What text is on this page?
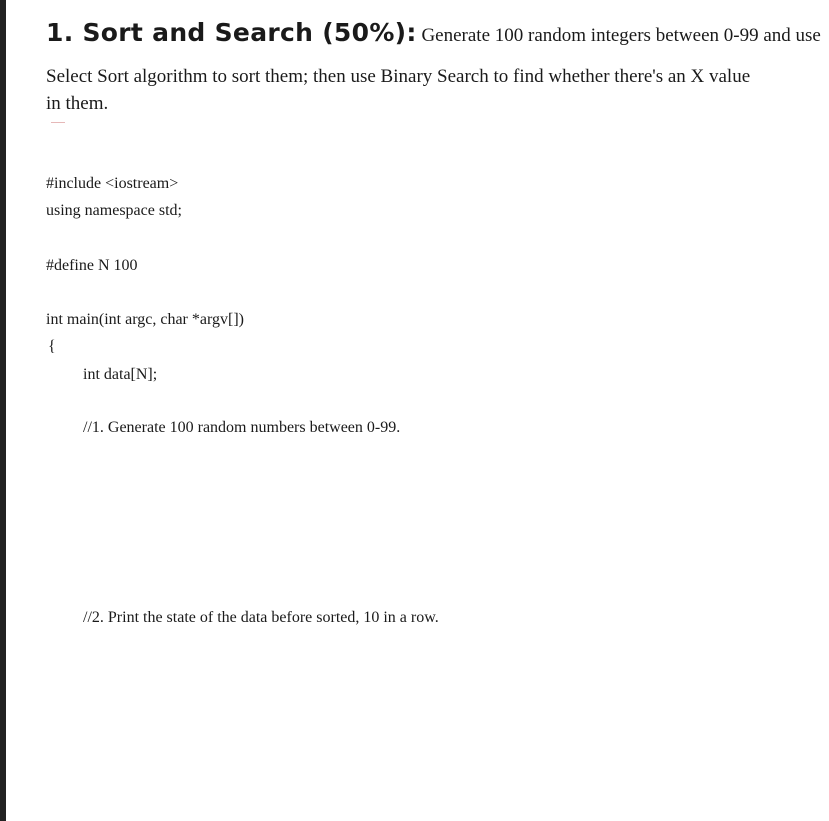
1. Sort and Search (50%): Generate 100 random integers between 0-99 and use
Select Sort algorithm to sort them; then use Binary Search to find whether there's an X value
in them.
#include <iostream>
using namespace std;
#define N 100
int main(int argc, char *argv[])
{
int data[N];
//1. Generate 100 random numbers between 0-99.
//2. Print the state of the data before sorted, 10 in a row.
